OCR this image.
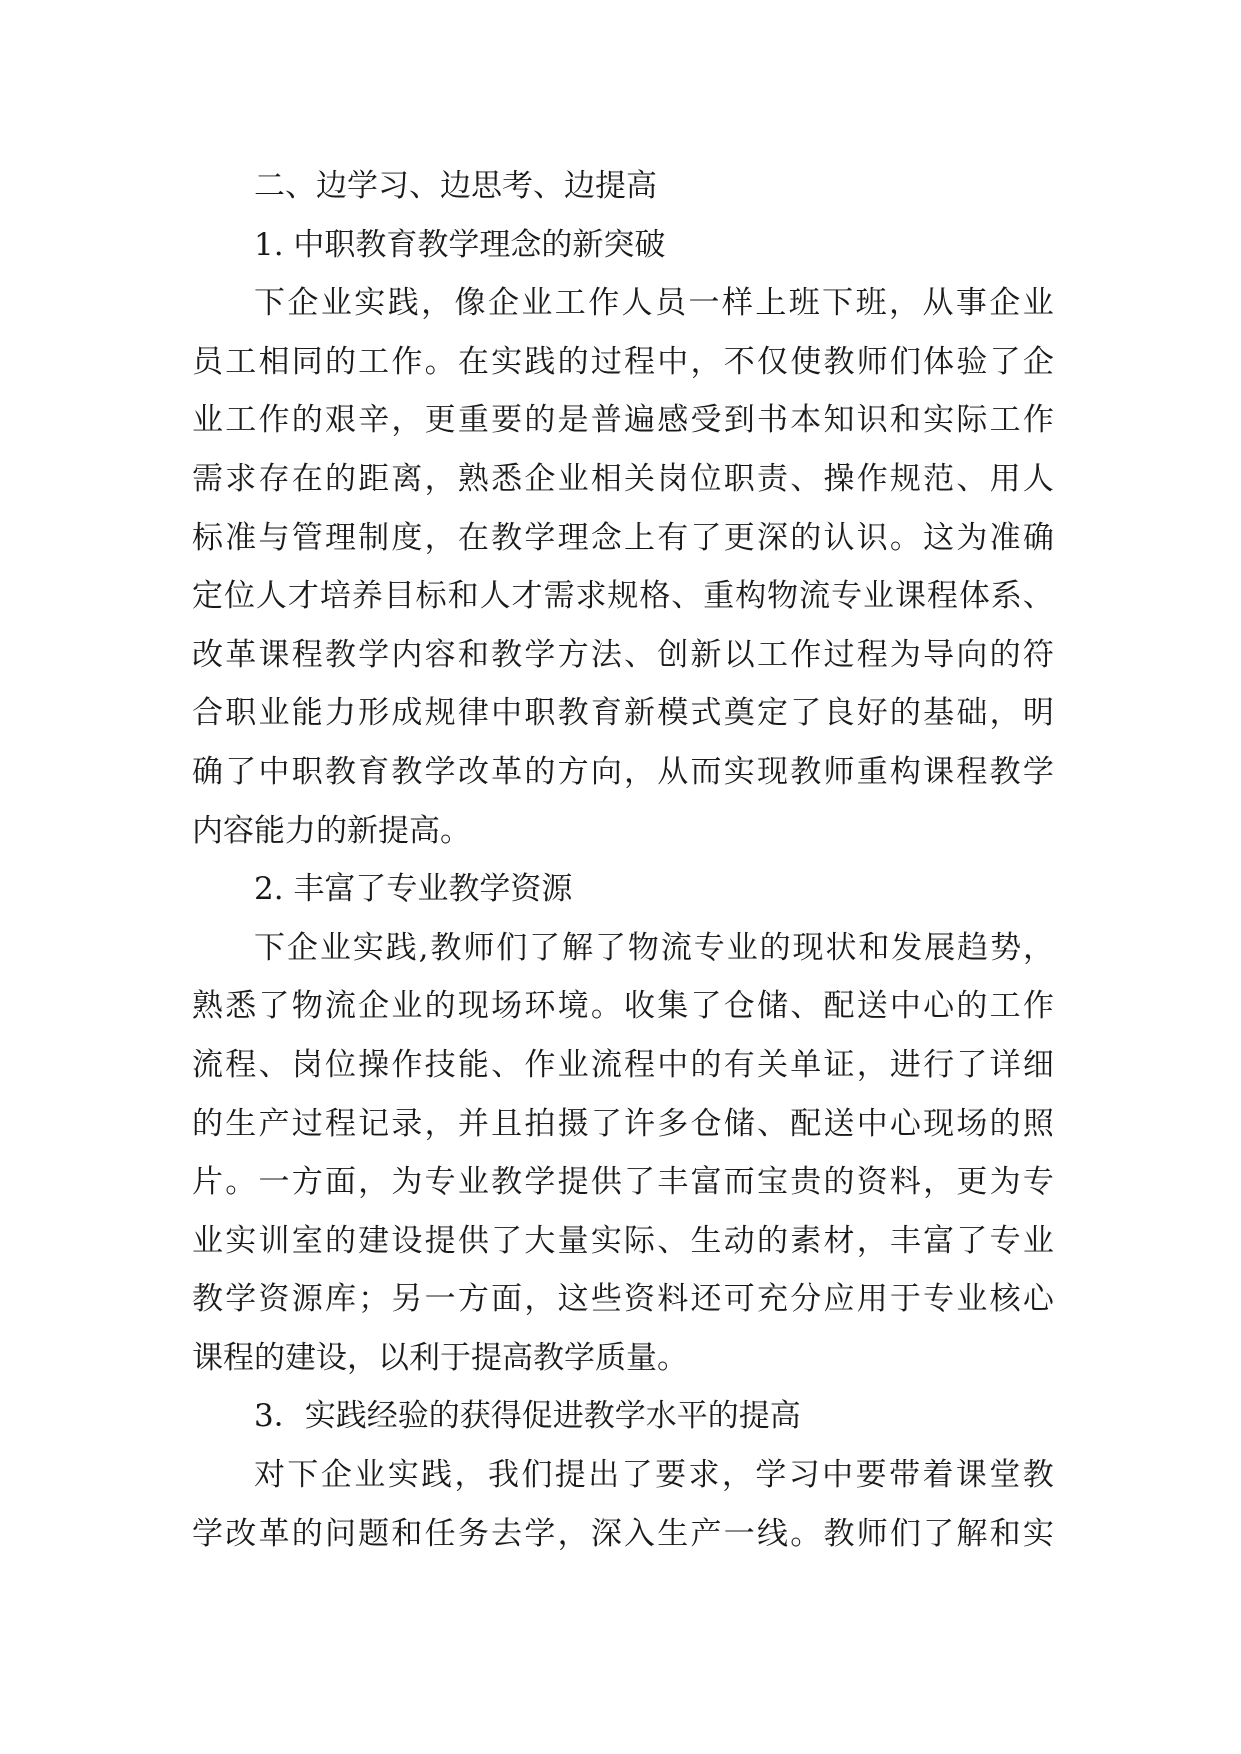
二、边学习、边思考、边提高
1. 中职教育教学理念的新突破
下 企 业 实 践 ， 像 企 业 工 作 人 员 一 样 上 班 下 班 ， 从 事 企 业
员 工 相 同 的 工 作 。 在 实 践 的 过 程 中 ， 不 仅 使 教 师 们 体 验 了 企
业 工 作 的 艰 辛 ， 更 重 要 的 是 普 遍 感 受 到 书 本 知 识 和 实 际 工 作
需 求 存 在 的 距 离 ， 熟 悉 企 业 相 关 岗 位 职 责 、 操 作 规 范 、 用 人
标 准 与 管 理 制 度 ， 在 教 学 理 念 上 有 了 更 深 的 认 识 。 这 为 准 确
定 位 人 才 培 养 目 标 和 人 才 需 求 规 格 、 重 构 物 流 专 业 课 程 体 系 、
改 革 课 程 教 学 内 容 和 教 学 方 法 、 创 新 以 工 作 过 程 为 导 向 的 符
合 职 业 能 力 形 成 规 律 中 职 教 育 新 模 式 奠 定 了 良 好 的 基 础 ， 明
确 了 中 职 教 育 教 学 改 革 的 方 向 ， 从 而 实 现 教 师 重 构 课 程 教 学
内容能力的新提高。
2. 丰富了专业教学资源
下 企 业 实 践 , 教 师 们 了 解 了 物 流 专 业 的 现 状 和 发 展 趋 势 ，
熟 悉 了 物 流 企 业 的 现 场 环 境 。 收 集 了 仓 储 、 配 送 中 心 的 工 作
流 程 、 岗 位 操 作 技 能 、 作 业 流 程 中 的 有 关 单 证 ， 进 行 了 详 细
的 生 产 过 程 记 录 ， 并 且 拍 摄 了 许 多 仓 储 、 配 送 中 心 现 场 的 照
片 。 一 方 面 ， 为 专 业 教 学 提 供 了 丰 富 而 宝 贵 的 资 料 ， 更 为 专
业 实 训 室 的 建 设 提 供 了 大 量 实 际 、 生 动 的 素 材 ， 丰 富 了 专 业
教 学 资 源 库 ； 另 一 方 面 ， 这 些 资 料 还 可 充 分 应 用 于 专 业 核 心
课程的建设，以利于提高教学质量。
3．实践经验的获得促进教学水平的提高
对 下 企 业 实 践 ， 我 们 提 出 了 要 求 ， 学 习 中 要 带 着 课 堂 教
学 改 革 的 问 题 和 任 务 去 学 ， 深 入 生 产 一 线 。 教 师 们 了 解 和 实
